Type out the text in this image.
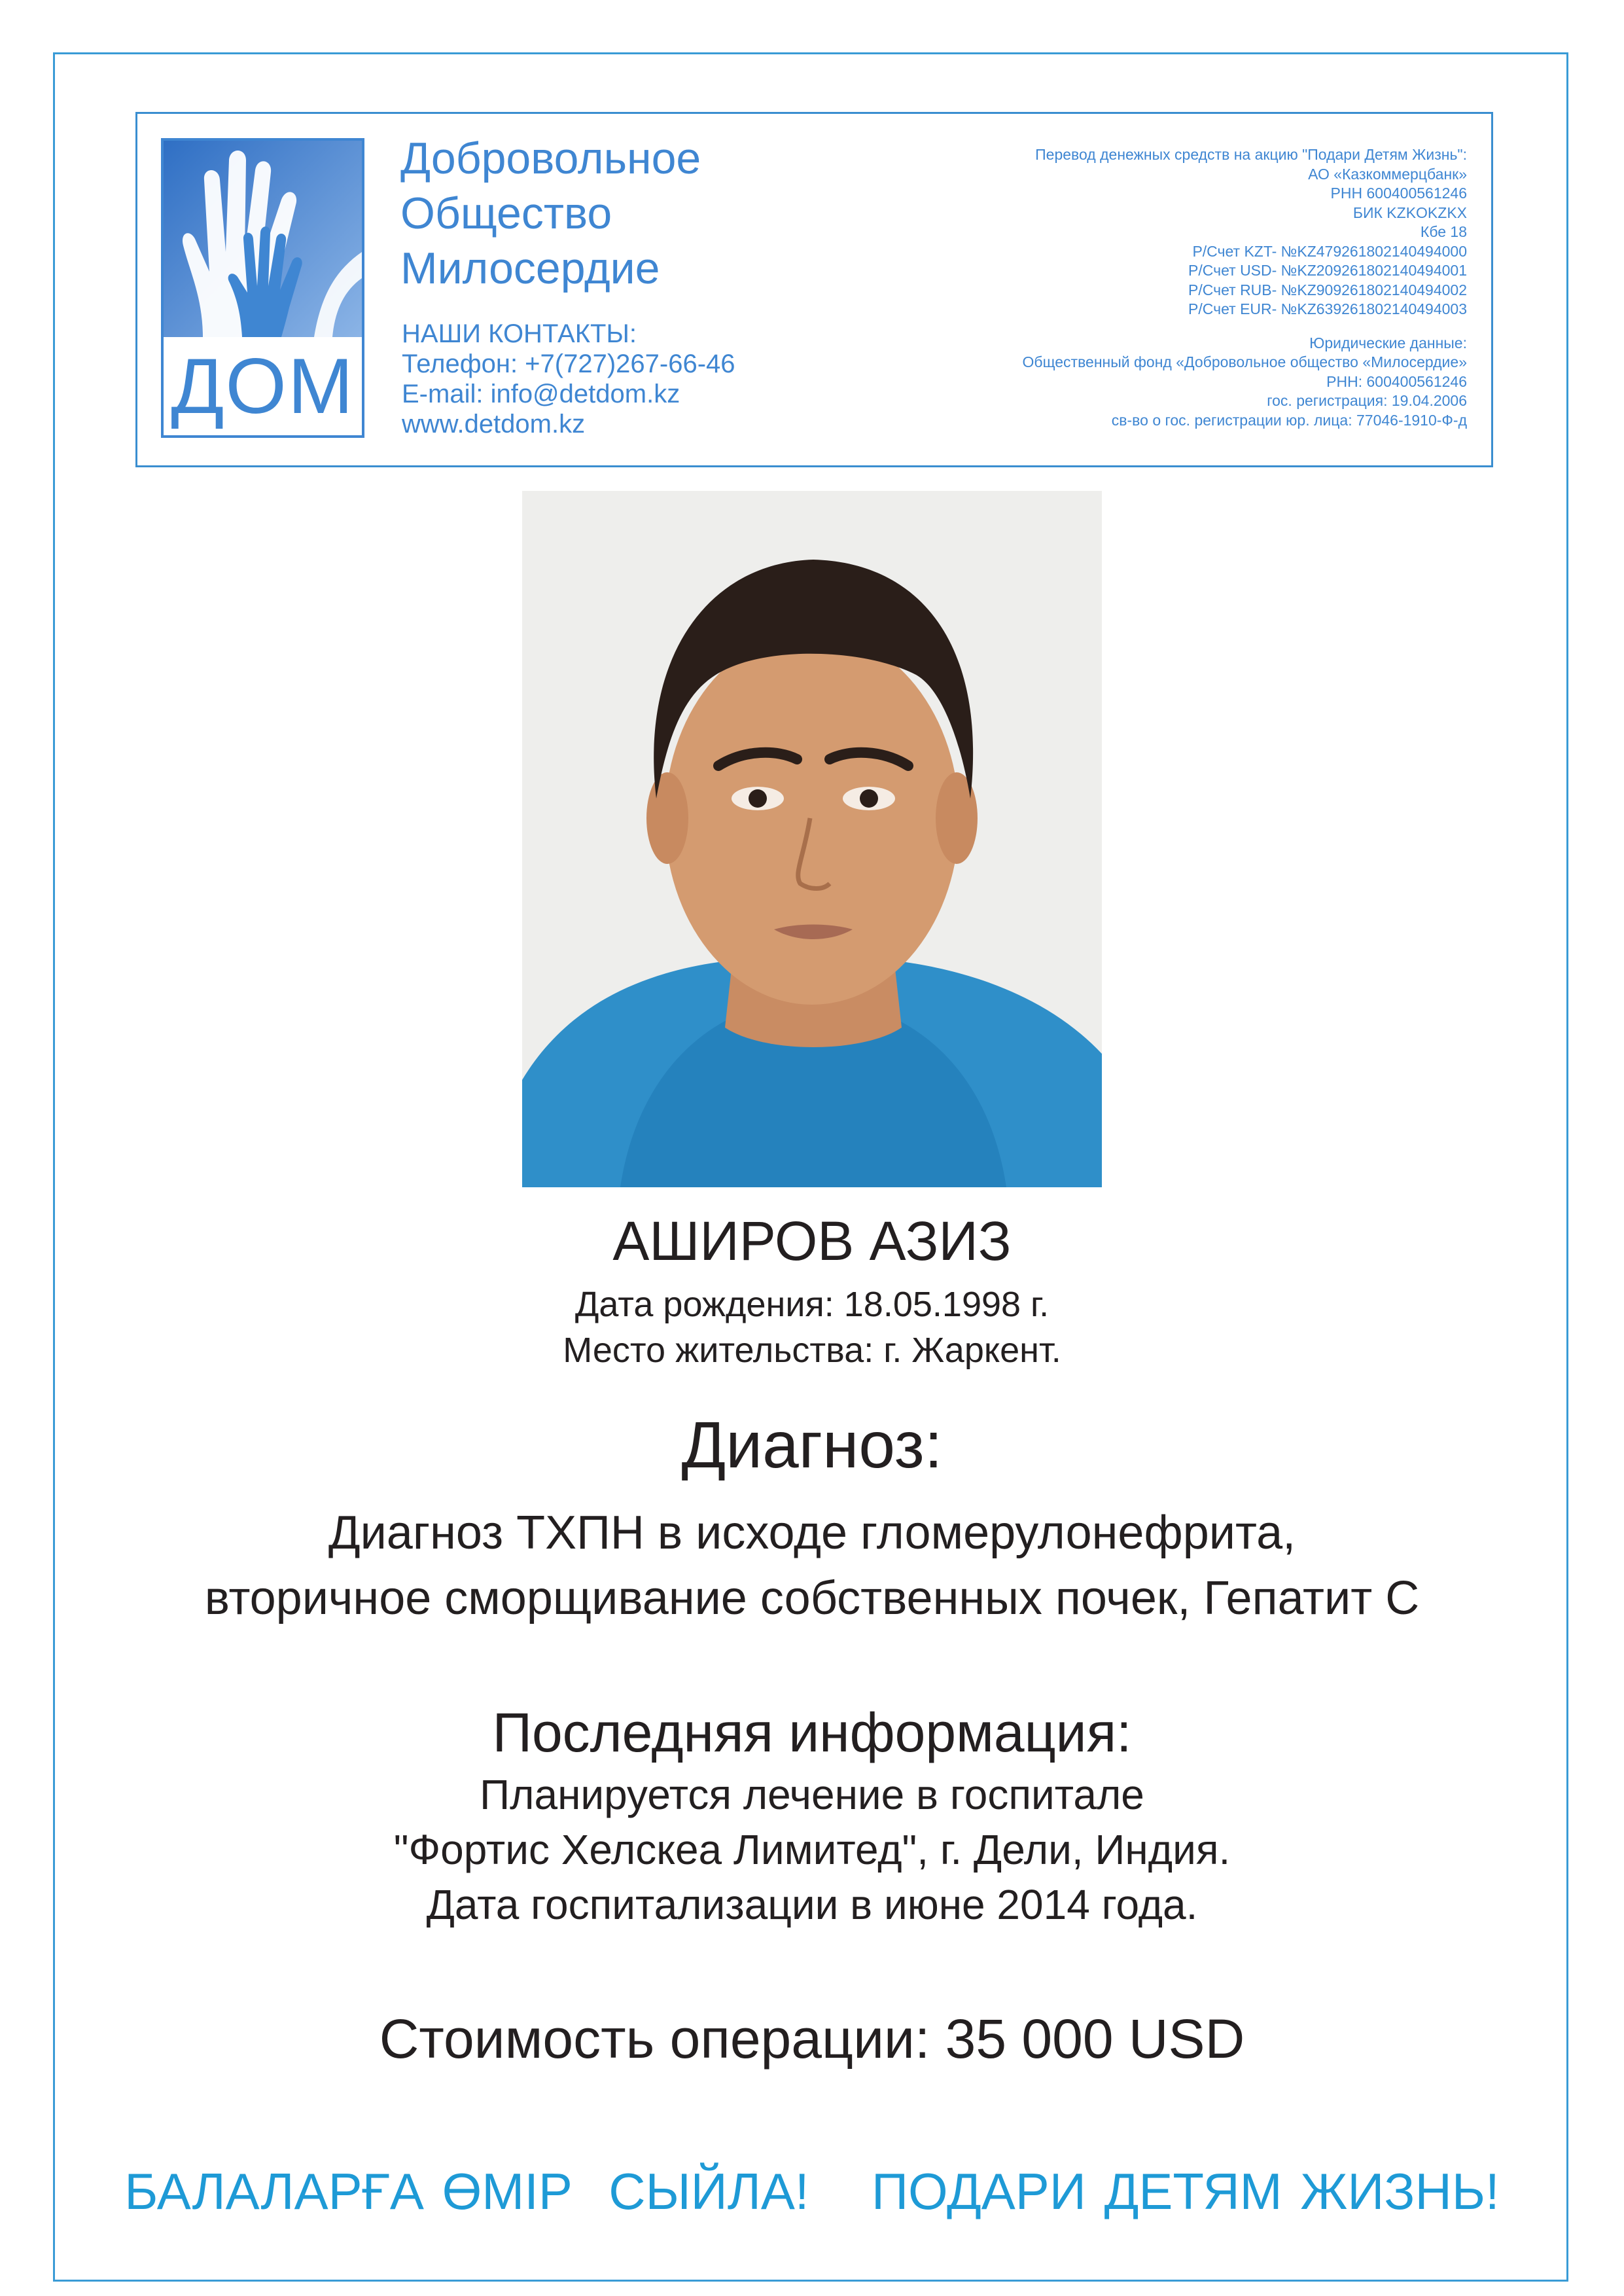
ДОМ
Добровольное
Общество
Милосердие
НАШИ КОНТАКТЫ:
Телефон: +7(727)267-66-46
E-mail: info@detdom.kz
www.detdom.kz
Перевод денежных средств на акцию "Подари Детям Жизнь":
АО «Казкоммерцбанк»
РНН 600400561246
БИК KZKOKZKX
Кбе 18
Р/Счет KZT- №KZ479261802140494000
Р/Счет USD- №KZ209261802140494001
Р/Счет RUB- №KZ909261802140494002
Р/Счет EUR- №KZ639261802140494003
Юридические данные:
Общественный фонд «Добровольное общество «Милосердие»
РНН: 600400561246
гос. регистрация: 19.04.2006
св-во о гос. регистрации юр. лица: 77046-1910-Ф-д
АШИРОВ АЗИЗ
Дата рождения: 18.05.1998 г.
Место жительства: г. Жаркент.
Диагноз:
Диагноз ТХПН в исходе гломерулонефрита,
вторичное сморщивание собственных почек, Гепатит С
Последняя информация:
Планируется лечение в госпитале
"Фортис Хелскеа Лимитед", г. Дели, Индия.
Дата госпитализации в июне 2014 года.
Стоимость операции: 35 000 USD
БАЛАЛАРҒА ӨМІР  СЫЙЛА! ПОДАРИ ДЕТЯМ ЖИЗНЬ!
